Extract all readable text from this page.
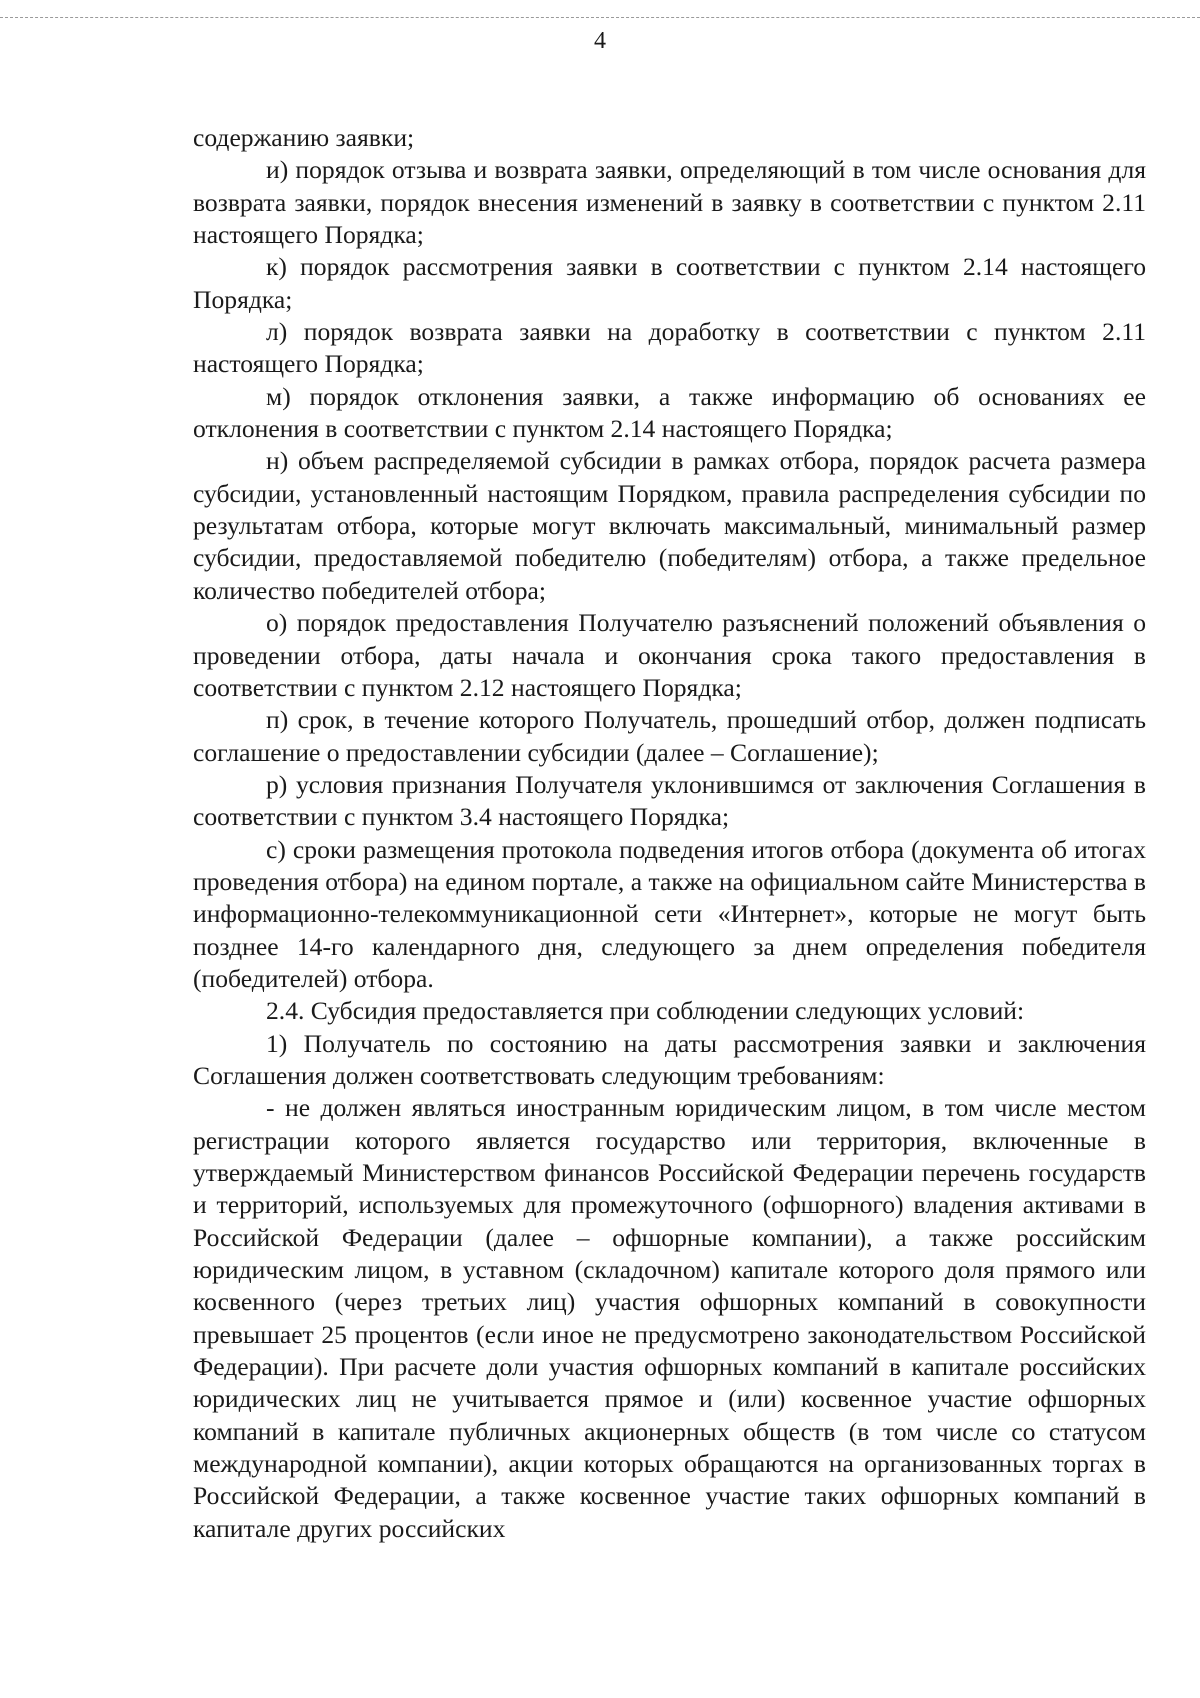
4

содержанию заявки;

и) порядок отзыва и возврата заявки, определяющий в том числе основания для возврата заявки, порядок внесения изменений в заявку в соответствии с пунктом 2.11 настоящего Порядка;

к) порядок рассмотрения заявки в соответствии с пунктом 2.14 настоящего Порядка;

л) порядок возврата заявки на доработку в соответствии с пунктом 2.11 настоящего Порядка;

м) порядок отклонения заявки, а также информацию об основаниях ее отклонения в соответствии с пунктом 2.14 настоящего Порядка;

н) объем распределяемой субсидии в рамках отбора, порядок расчета размера субсидии, установленный настоящим Порядком, правила распределения субсидии по результатам отбора, которые могут включать максимальный, минимальный размер субсидии, предоставляемой победителю (победителям) отбора, а также предельное количество победителей отбора;

о) порядок предоставления Получателю разъяснений положений объявления о проведении отбора, даты начала и окончания срока такого предоставления в соответствии с пунктом 2.12 настоящего Порядка;

п) срок, в течение которого Получатель, прошедший отбор, должен подписать соглашение о предоставлении субсидии (далее – Соглашение);

р) условия признания Получателя уклонившимся от заключения Соглашения в соответствии с пунктом 3.4 настоящего Порядка;

с) сроки размещения протокола подведения итогов отбора (документа об итогах проведения отбора) на едином портале, а также на официальном сайте Министерства в информационно-телекоммуникационной сети «Интернет», которые не могут быть позднее 14-го календарного дня, следующего за днем определения победителя (победителей) отбора.

2.4. Субсидия предоставляется при соблюдении следующих условий:

1) Получатель по состоянию на даты рассмотрения заявки и заключения Соглашения должен соответствовать следующим требованиям:

- не должен являться иностранным юридическим лицом, в том числе местом регистрации которого является государство или территория, включенные в утверждаемый Министерством финансов Российской Федерации перечень государств и территорий, используемых для промежуточного (офшорного) владения активами в Российской Федерации (далее – офшорные компании), а также российским юридическим лицом, в уставном (складочном) капитале которого доля прямого или косвенного (через третьих лиц) участия офшорных компаний в совокупности превышает 25 процентов (если иное не предусмотрено законодательством Российской Федерации). При расчете доли участия офшорных компаний в капитале российских юридических лиц не учитывается прямое и (или) косвенное участие офшорных компаний в капитале публичных акционерных обществ (в том числе со статусом международной компании), акции которых обращаются на организованных торгах в Российской Федерации, а также косвенное участие таких офшорных компаний в капитале других российских
